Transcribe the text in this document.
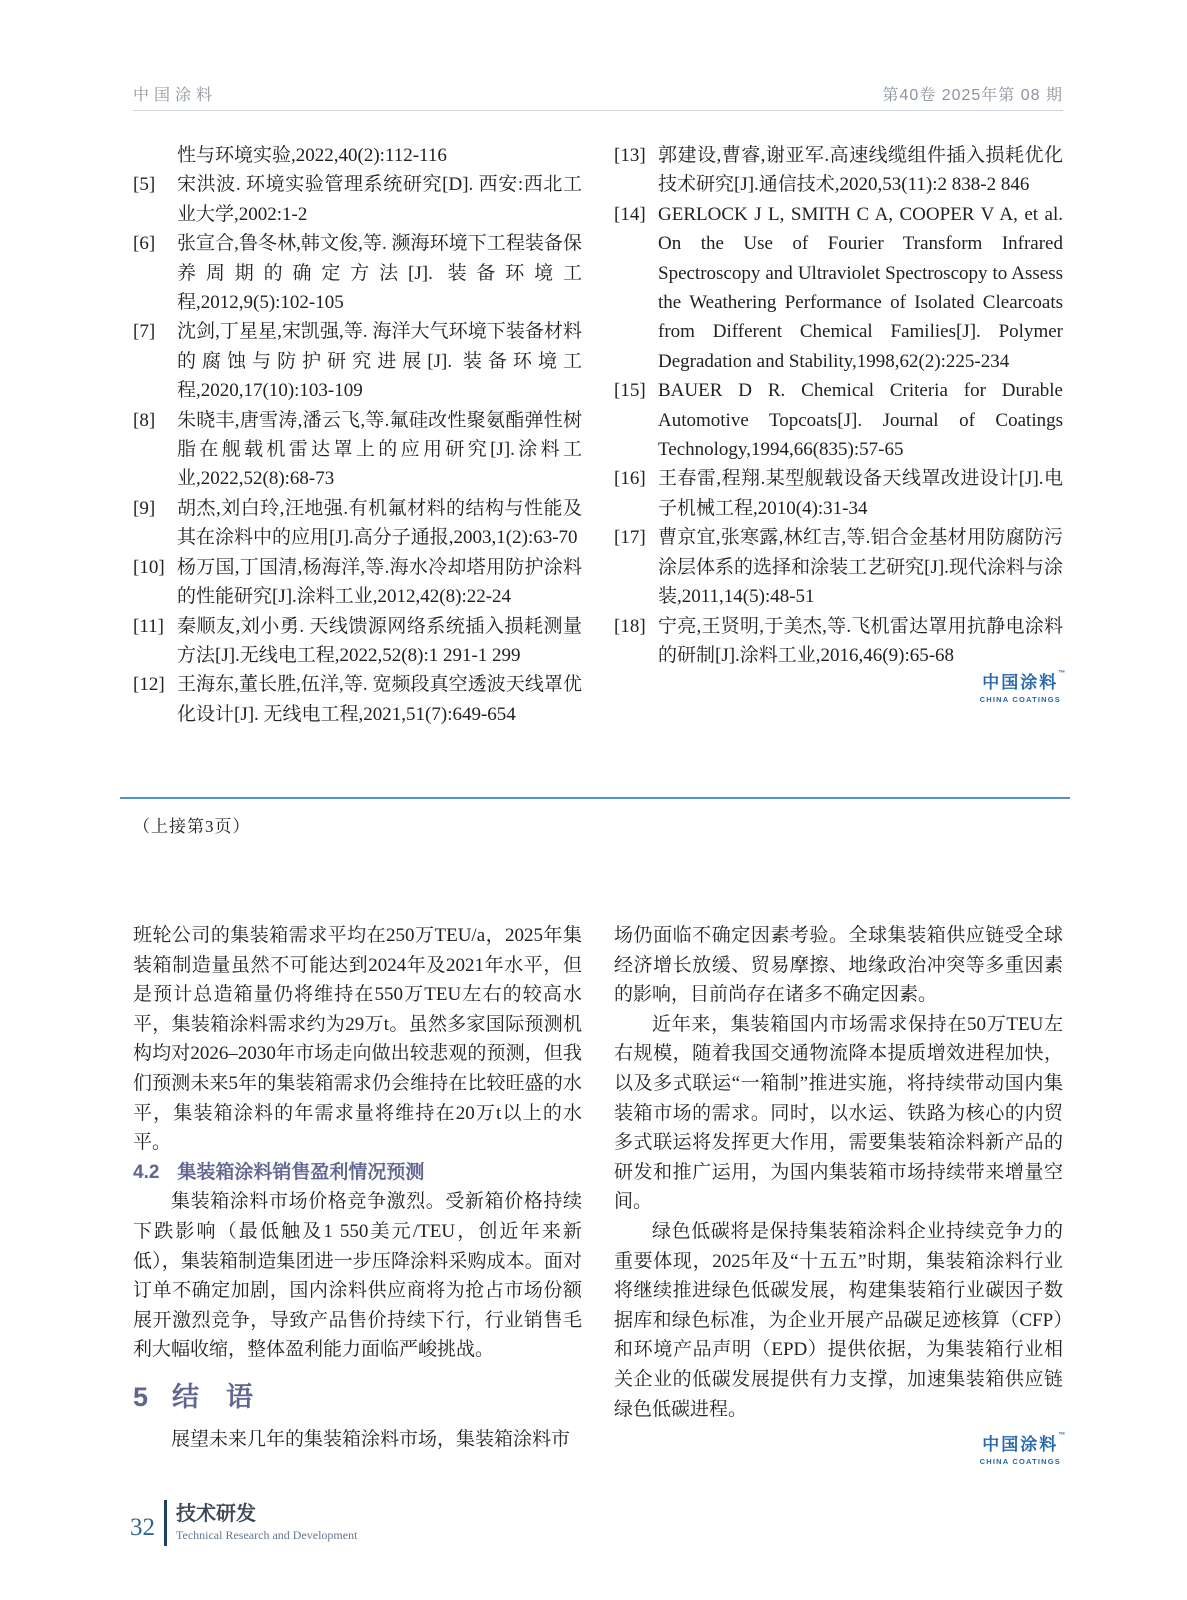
中国涂料	第40卷 2025年第 08 期
性与环境实验,2022,40(2):112-116
[5] 宋洪波. 环境实验管理系统研究[D]. 西安:西北工业大学,2002:1-2
[6] 张宣合,鲁冬林,韩文俊,等. 濒海环境下工程装备保养周期的确定方法[J]. 装备环境工程,2012,9(5):102-105
[7] 沈剑,丁星星,宋凯强,等. 海洋大气环境下装备材料的腐蚀与防护研究进展[J]. 装备环境工程,2020,17(10):103-109
[8] 朱晓丰,唐雪涛,潘云飞,等.氟硅改性聚氨酯弹性树脂在舰载机雷达罩上的应用研究[J].涂料工业,2022,52(8):68-73
[9] 胡杰,刘白玲,汪地强.有机氟材料的结构与性能及其在涂料中的应用[J].高分子通报,2003,1(2):63-70
[10] 杨万国,丁国清,杨海洋,等.海水冷却塔用防护涂料的性能研究[J].涂料工业,2012,42(8):22-24
[11] 秦顺友,刘小勇. 天线馈源网络系统插入损耗测量方法[J].无线电工程,2022,52(8):1 291-1 299
[12] 王海东,董长胜,伍洋,等. 宽频段真空透波天线罩优化设计[J]. 无线电工程,2021,51(7):649-654
[13] 郭建设,曹睿,谢亚军.高速线缆组件插入损耗优化技术研究[J].通信技术,2020,53(11):2 838-2 846
[14] GERLOCK J L, SMITH C A, COOPER V A, et al. On the Use of Fourier Transform Infrared Spectroscopy and Ultraviolet Spectroscopy to Assess the Weathering Performance of Isolated Clearcoats from Different Chemical Families[J]. Polymer Degradation and Stability,1998,62(2):225-234
[15] BAUER D R. Chemical Criteria for Durable Automotive Topcoats[J]. Journal of Coatings Technology,1994,66(835):57-65
[16] 王春雷,程翔.某型舰载设备天线罩改进设计[J].电子机械工程,2010(4):31-34
[17] 曹京宜,张寒露,林红吉,等.铝合金基材用防腐防污涂层体系的选择和涂装工艺研究[J].现代涂料与涂装,2011,14(5):48-51
[18] 宁亮,王贤明,于美杰,等.飞机雷达罩用抗静电涂料的研制[J].涂料工业,2016,46(9):65-68
中国涂料 ™
CHINA COATINGS
（上接第3页）

班轮公司的集装箱需求平均在250万TEU/a，2025年集装箱制造量虽然不可能达到2024年及2021年水平，但是预计总造箱量仍将维持在550万TEU左右的较高水平，集装箱涂料需求约为29万t。虽然多家国际预测机构均对2026–2030年市场走向做出较悲观的预测，但我们预测未来5年的集装箱需求仍会维持在比较旺盛的水平，集装箱涂料的年需求量将维持在20万t以上的水平。

4.2 集装箱涂料销售盈利情况预测

集装箱涂料市场价格竞争激烈。受新箱价格持续下跌影响（最低触及1 550美元/TEU，创近年来新低），集装箱制造集团进一步压降涂料采购成本。面对订单不确定加剧，国内涂料供应商将为抢占市场份额展开激烈竞争，导致产品售价持续下行，行业销售毛利大幅收缩，整体盈利能力面临严峻挑战。

5 结　语

展望未来几年的集装箱涂料市场，集装箱涂料市

场仍面临不确定因素考验。全球集装箱供应链受全球经济增长放缓、贸易摩擦、地缘政治冲突等多重因素的影响，目前尚存在诸多不确定因素。

近年来，集装箱国内市场需求保持在50万TEU左右规模，随着我国交通物流降本提质增效进程加快，以及多式联运“一箱制”推进实施，将持续带动国内集装箱市场的需求。同时，以水运、铁路为核心的内贸多式联运将发挥更大作用，需要集装箱涂料新产品的研发和推广运用，为国内集装箱市场持续带来增量空间。

绿色低碳将是保持集装箱涂料企业持续竞争力的重要体现，2025年及“十五五”时期，集装箱涂料行业将继续推进绿色低碳发展，构建集装箱行业碳因子数据库和绿色标准，为企业开展产品碳足迹核算（CFP）和环境产品声明（EPD）提供依据，为集装箱行业相关企业的低碳发展提供有力支撑，加速集装箱供应链绿色低碳进程。

中国涂料 ™
CHINA COATINGS
32 技术研发
Technical Research and Development
